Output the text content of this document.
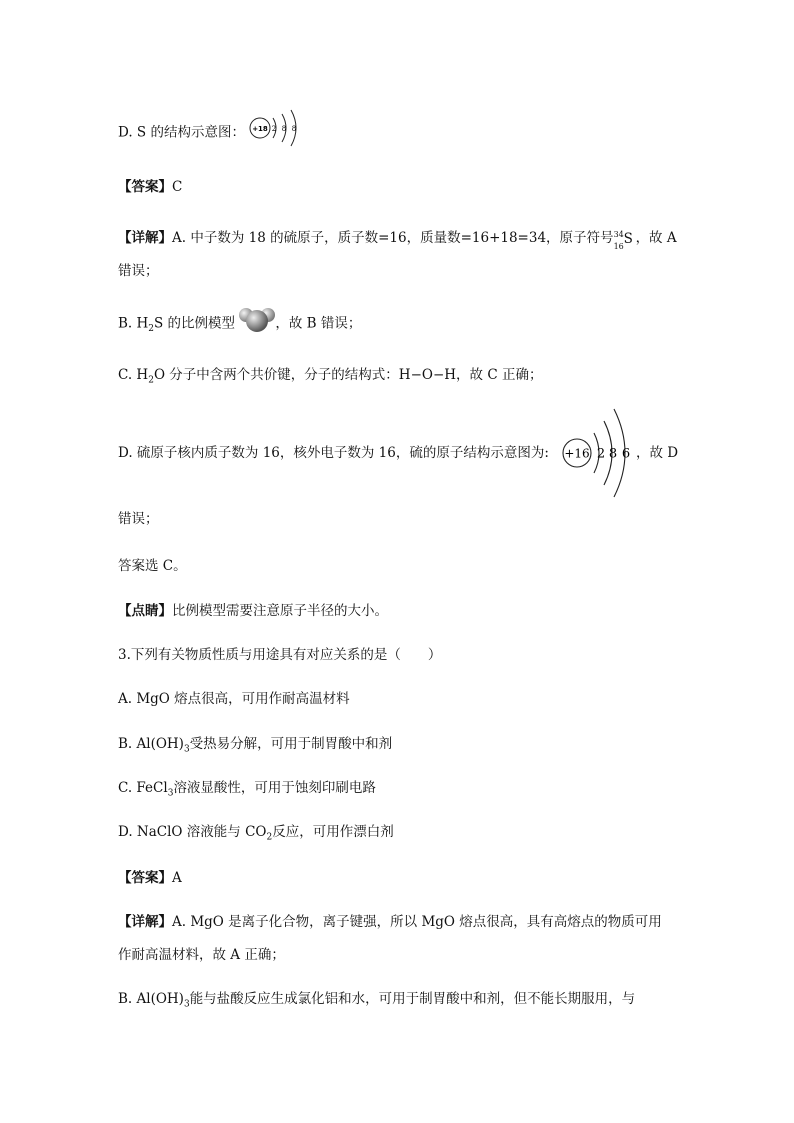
D. S 的结构示意图： +18 2 8 8
【答案】C
【详解】A. 中子数为 18 的硫原子，质子数=16，质量数=16+18=34，原子符号 34
16 S ，故 A
错误；
B. $H_2S$ 的比例模型	，故 B 错误；
C. $H_2O$ 分子中含两个共价键，分子的结构式：H−O−H，故 C 正确；
D. 硫原子核内质子数为 16，核外电子数为 16，硫的原子结构示意图为: +16 2 8 6 ，故 D
错误；
答案选 C。
【点睛】比例模型需要注意原子半径的大小。
3.下列有关物质性质与用途具有对应关系的是（　　）
A. MgO 熔点很高，可用作耐高温材料
B. $Al(OH)_3$受热易分解，可用于制胃酸中和剂
C. FeCl$_3$溶液显酸性，可用于蚀刻印刷电路
D. NaClO 溶液能与 $CO_2$反应，可用作漂白剂
【答案】A
【详解】A. MgO 是离子化合物，离子键强，所以 MgO 熔点很高，具有高熔点的物质可用
作耐高温材料，故 A 正确；
B. $Al(OH)_3$能与盐酸反应生成氯化铝和水，可用于制胃酸中和剂，但不能长期服用，与
